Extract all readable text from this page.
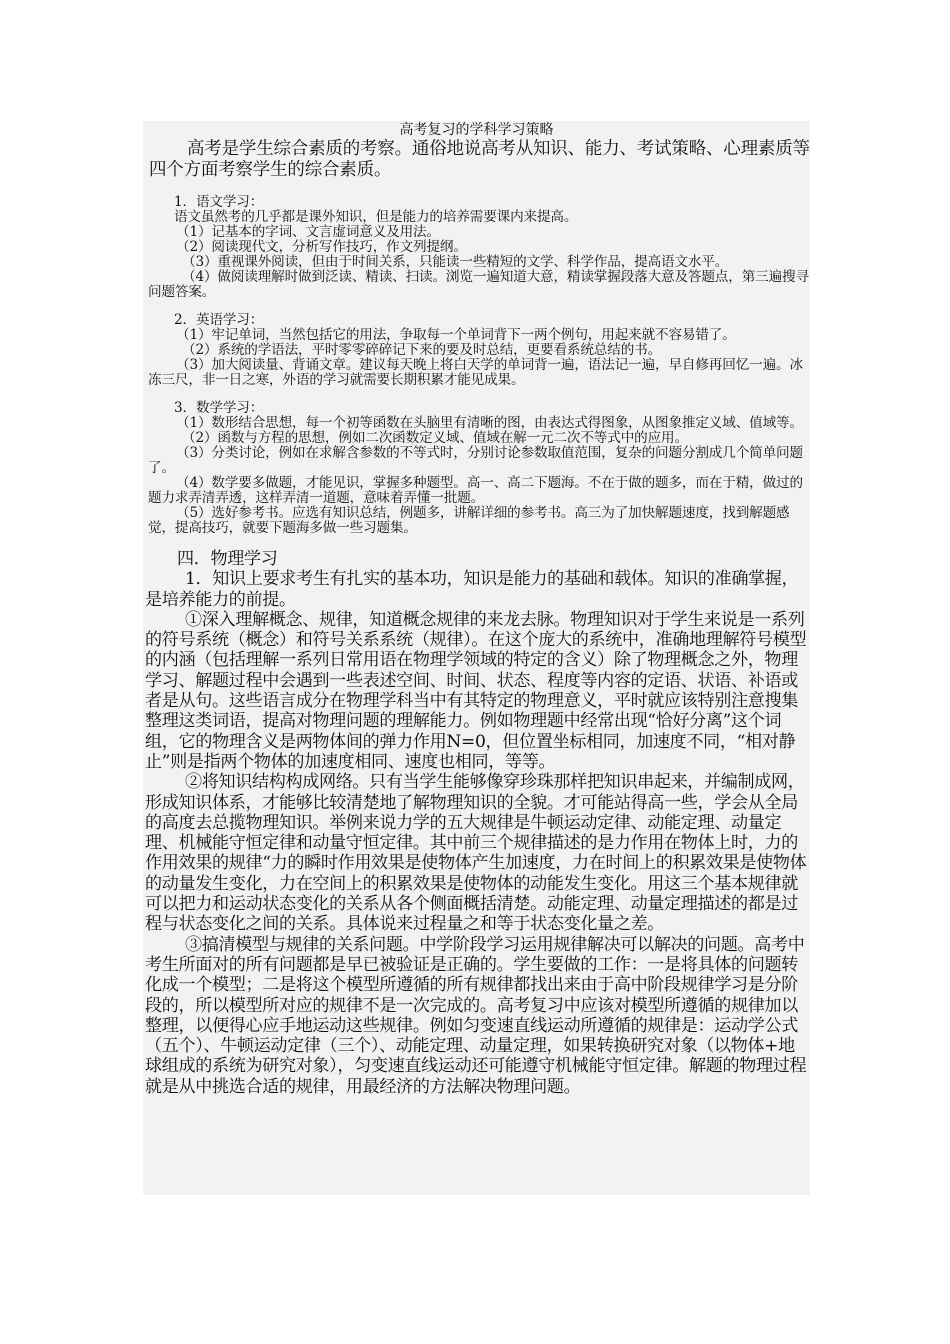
高考复习的学科学习策略

高考是学生综合素质的考察。通俗地说高考从知识、能力、考试策略、心理素质等四个方面考察学生的综合素质。

1．语文学习：

语文虽然考的几乎都是课外知识，但是能力的培养需要课内来提高。

（1）记基本的字词、文言虚词意义及用法。

（2）阅读现代文，分析写作技巧，作文列提纲。

（3）重视课外阅读，但由于时间关系，只能读一些精短的文学、科学作品，提高语文水平。

（4）做阅读理解时做到泛读、精读、扫读。浏览一遍知道大意，精读掌握段落大意及答题点，第三遍搜寻问题答案。

2．英语学习：

（1）牢记单词，当然包括它的用法，争取每一个单词背下一两个例句，用起来就不容易错了。

（2）系统的学语法，平时零零碎碎记下来的要及时总结，更要看系统总结的书。

（3）加大阅读量、背诵文章。建议每天晚上将白天学的单词背一遍，语法记一遍，早自修再回忆一遍。冰冻三尺，非一日之寒，外语的学习就需要长期积累才能见成果。

3．数学学习：

（1）数形结合思想，每一个初等函数在头脑里有清晰的图，由表达式得图象，从图象推定义域、值域等。

（2）函数与方程的思想，例如二次函数定义域、值域在解一元二次不等式中的应用。

（3）分类讨论，例如在求解含参数的不等式时，分别讨论参数取值范围，复杂的问题分割成几个简单问题了。

（4）数学要多做题，才能见识，掌握多种题型。高一、高二下题海。不在于做的题多，而在于精，做过的题力求弄清弄透，这样弄清一道题，意味着弄懂一批题。

（5）选好参考书。应选有知识总结，例题多，讲解详细的参考书。高三为了加快解题速度，找到解题感觉，提高技巧，就要下题海多做一些习题集。

四．物理学习

1．知识上要求考生有扎实的基本功，知识是能力的基础和载体。知识的准确掌握，是培养能力的前提。

①深入理解概念、规律，知道概念规律的来龙去脉。物理知识对于学生来说是一系列的符号系统（概念）和符号关系系统（规律）。在这个庞大的系统中，准确地理解符号模型的内涵（包括理解一系列日常用语在物理学领域的特定的含义）除了物理概念之外，物理学习、解题过程中会遇到一些表述空间、时间、状态、程度等内容的定语、状语、补语或者是从句。这些语言成分在物理学科当中有其特定的物理意义，平时就应该特别注意搜集整理这类词语，提高对物理问题的理解能力。例如物理题中经常出现“恰好分离”这个词组，它的物理含义是两物体间的弹力作用N=0，但位置坐标相同，加速度不同，“相对静止”则是指两个物体的加速度相同、速度也相同，等等。

②将知识结构构成网络。只有当学生能够像穿珍珠那样把知识串起来，并编制成网，形成知识体系，才能够比较清楚地了解物理知识的全貌。才可能站得高一些，学会从全局的高度去总揽物理知识。举例来说力学的五大规律是牛顿运动定律、动能定理、动量定理、机械能守恒定律和动量守恒定律。其中前三个规律描述的是力作用在物体上时，力的作用效果的规律“力的瞬时作用效果是使物体产生加速度，力在时间上的积累效果是使物体的动量发生变化，力在空间上的积累效果是使物体的动能发生变化。用这三个基本规律就可以把力和运动状态变化的关系从各个侧面概括清楚。动能定理、动量定理描述的都是过程与状态变化之间的关系。具体说来过程量之和等于状态变化量之差。

③搞清模型与规律的关系问题。中学阶段学习运用规律解决可以解决的问题。高考中考生所面对的所有问题都是早已被验证是正确的。学生要做的工作：一是将具体的问题转化成一个模型；二是将这个模型所遵循的所有规律都找出来由于高中阶段规律学习是分阶段的，所以模型所对应的规律不是一次完成的。高考复习中应该对模型所遵循的规律加以整理，以便得心应手地运动这些规律。例如匀变速直线运动所遵循的规律是：运动学公式（五个）、牛顿运动定律（三个）、动能定理、动量定理，如果转换研究对象（以物体+地球组成的系统为研究对象），匀变速直线运动还可能遵守机械能守恒定律。解题的物理过程就是从中挑选合适的规律，用最经济的方法解决物理问题。
